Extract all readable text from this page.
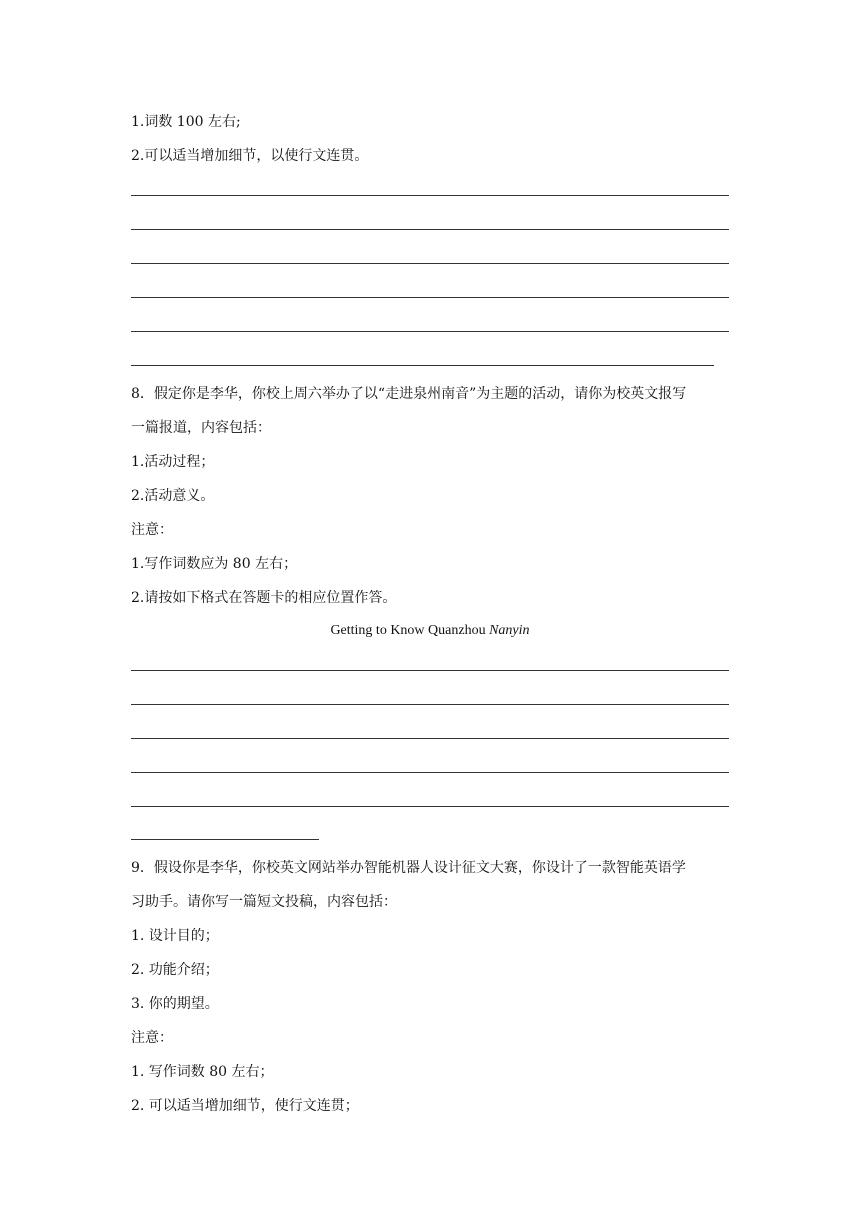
1.词数 100 左右;
2.可以适当增加细节，以使行文连贯。
8．假定你是李华，你校上周六举办了以“走进泉州南音”为主题的活动，请你为校英文报写
一篇报道，内容包括：
1.活动过程；
2.活动意义。
注意：
1.写作词数应为 80 左右；
2.请按如下格式在答题卡的相应位置作答。
Getting to Know Quanzhou Nanyin
9．假设你是李华，你校英文网站举办智能机器人设计征文大赛，你设计了一款智能英语学
习助手。请你写一篇短文投稿，内容包括：
1. 设计目的；
2. 功能介绍；
3. 你的期望。
注意：
1. 写作词数 80 左右；
2. 可以适当增加细节，使行文连贯；
